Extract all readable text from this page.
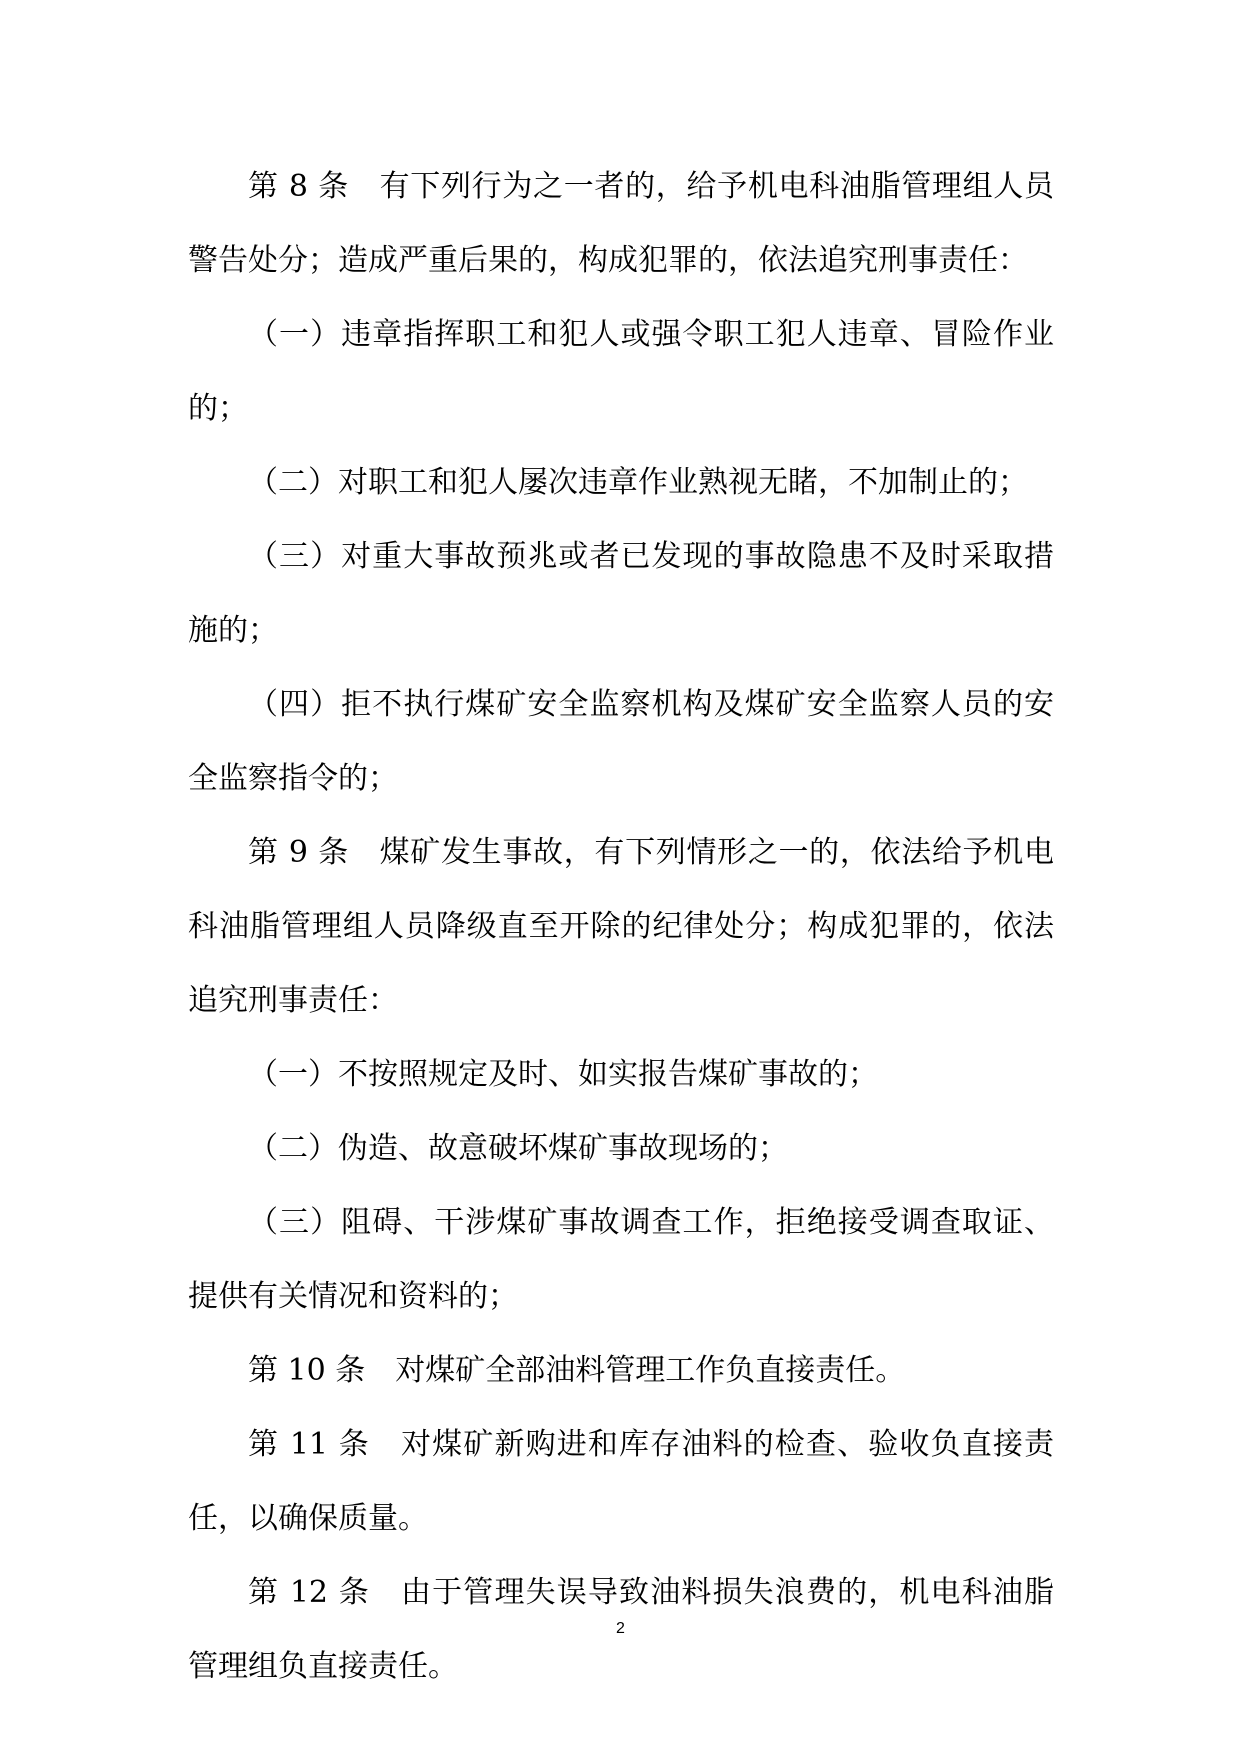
第 8 条　有下列行为之一者的，给予机电科油脂管理组人员警告处分；造成严重后果的，构成犯罪的，依法追究刑事责任：

（一）违章指挥职工和犯人或强令职工犯人违章、冒险作业的；

（二）对职工和犯人屡次违章作业熟视无睹，不加制止的；

（三）对重大事故预兆或者已发现的事故隐患不及时采取措施的；

（四）拒不执行煤矿安全监察机构及煤矿安全监察人员的安全监察指令的；

第 9 条　煤矿发生事故，有下列情形之一的，依法给予机电科油脂管理组人员降级直至开除的纪律处分；构成犯罪的，依法追究刑事责任：

（一）不按照规定及时、如实报告煤矿事故的；

（二）伪造、故意破坏煤矿事故现场的；

（三）阻碍、干涉煤矿事故调查工作，拒绝接受调查取证、提供有关情况和资料的；

第 10 条　对煤矿全部油料管理工作负直接责任。

第 11 条　对煤矿新购进和库存油料的检查、验收负直接责任，以确保质量。

第 12 条　由于管理失误导致油料损失浪费的，机电科油脂管理组负直接责任。

2
